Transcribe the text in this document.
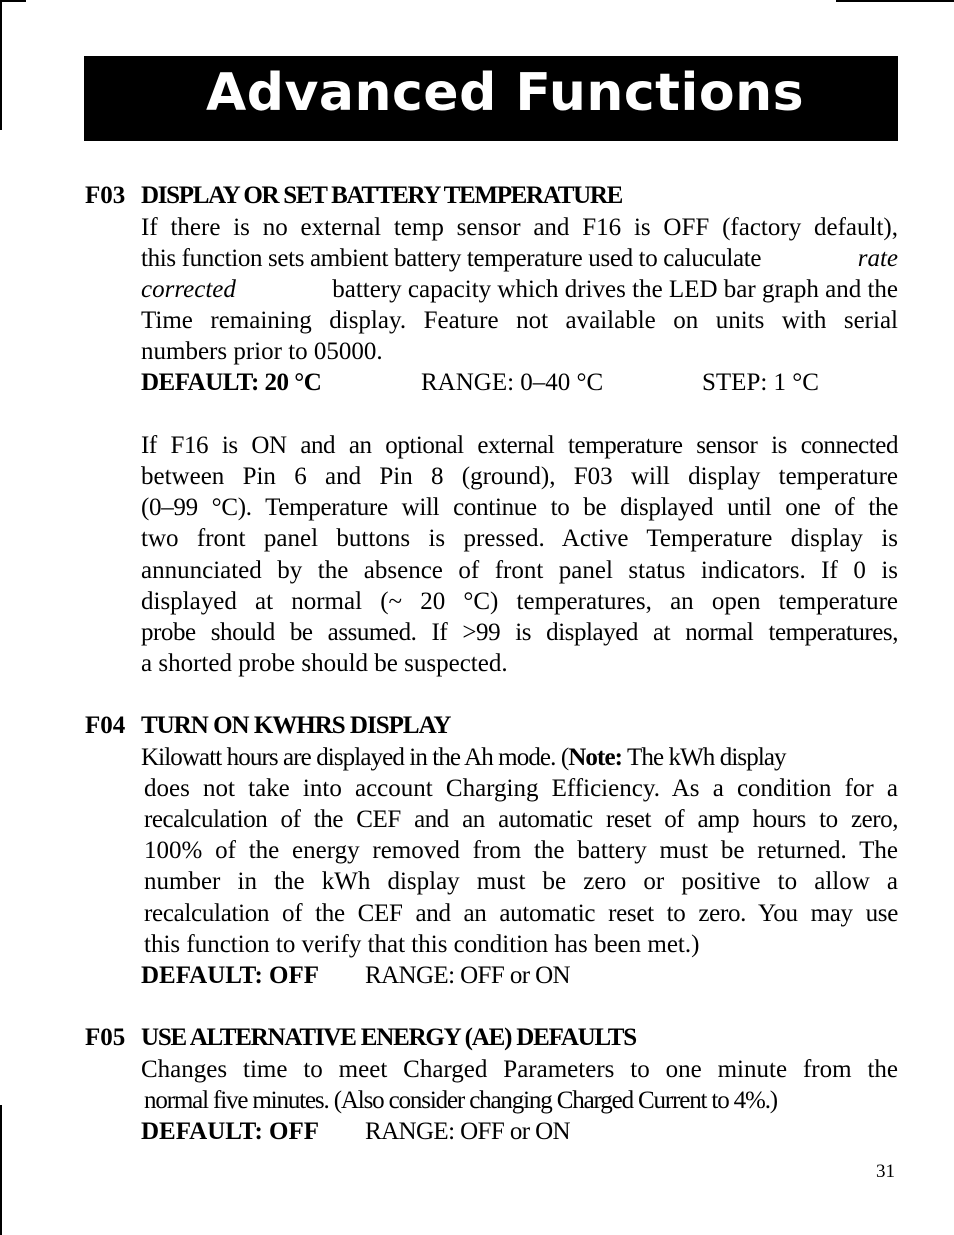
Advanced Functions
F03 DISPLAY OR SET BATTERY TEMPERATURE
If there is no external temp sensor and F16 is OFF (factory default),
this function sets ambient battery temperature used to caluculate	rate
corrected	battery capacity which drives the LED bar graph and the
Time remaining display. Feature not available on units with serial
numbers prior to 05000.
DEFAULT: 20 °C	RANGE: 0–40 °C	STEP: 1 °C
If F16 is ON and an optional external temperature sensor is connected
between Pin 6 and Pin 8 (ground), F03 will display temperature
(0–99 °C). Temperature will continue to be displayed until one of the
two front panel buttons is pressed. Active Temperature display is
annunciated by the absence of front panel status indicators. If 0 is
displayed at normal (~ 20 °C) temperatures, an open temperature
probe should be assumed. If >99 is displayed at normal temperatures,
a shorted probe should be suspected.
F04 TURN ON KWHRS DISPLAY
Kilowatt hours are displayed in the Ah mode. (Note: The kWh display
does not take into account Charging Efficiency. As a condition for a
recalculation of the CEF and an automatic reset of amp hours to zero,
100% of the energy removed from the battery must be returned. The
number in the kWh display must be zero or positive to allow a
recalculation of the CEF and an automatic reset to zero. You may use
this function to verify that this condition has been met.)
DEFAULT: OFF RANGE: OFF or ON
F05 USE ALTERNATIVE ENERGY (AE) DEFAULTS
Changes time to meet Charged Parameters to one minute from the
normal five minutes. (Also consider changing Charged Current to 4%.)
DEFAULT: OFF RANGE: OFF or ON
31
